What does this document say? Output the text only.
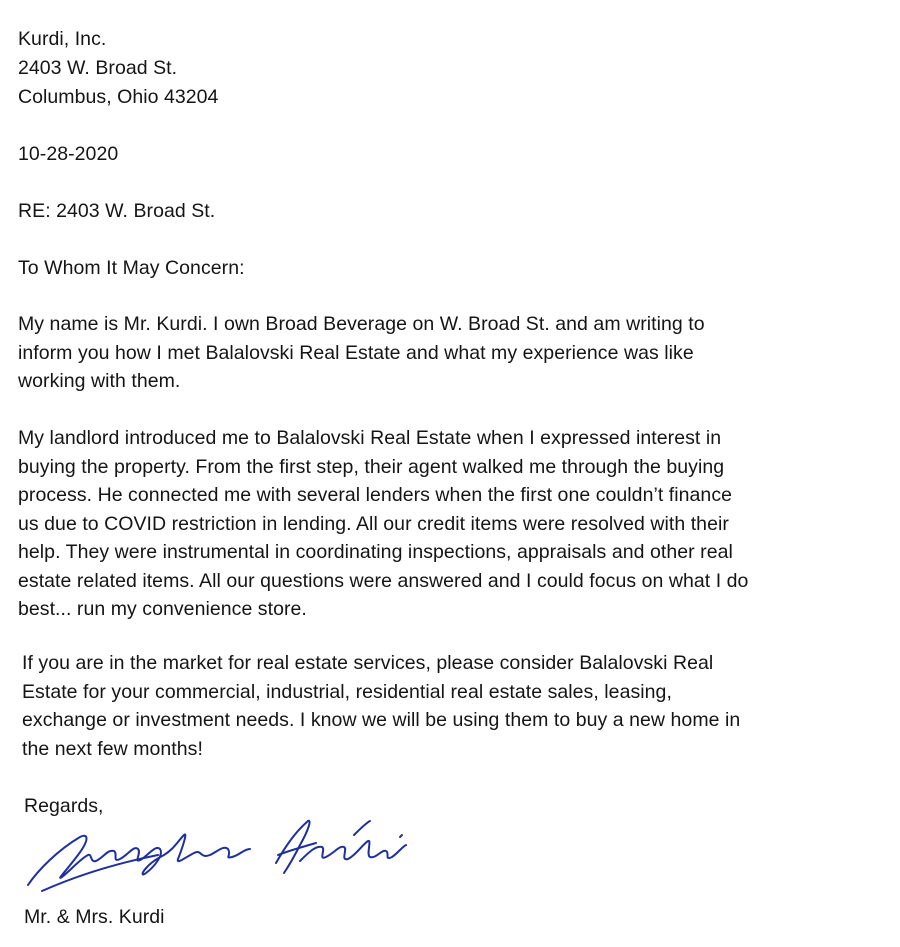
Kurdi, Inc.
2403 W. Broad St.
Columbus, Ohio 43204
10-28-2020
RE: 2403 W. Broad St.
To Whom It May Concern:
My name is Mr. Kurdi. I own Broad Beverage on W. Broad St. and am writing to
inform you how I met Balalovski Real Estate and what my experience was like
working with them.
My landlord introduced me to Balalovski Real Estate when I expressed interest in
buying the property. From the first step, their agent walked me through the buying
process. He connected me with several lenders when the first one couldn’t finance
us due to COVID restriction in lending. All our credit items were resolved with their
help. They were instrumental in coordinating inspections, appraisals and other real
estate related items. All our questions were answered and I could focus on what I do
best... run my convenience store.
If you are in the market for real estate services, please consider Balalovski Real
Estate for your commercial, industrial, residential real estate sales, leasing,
exchange or investment needs. I know we will be using them to buy a new home in
the next few months!
Regards,
Mr. & Mrs. Kurdi
